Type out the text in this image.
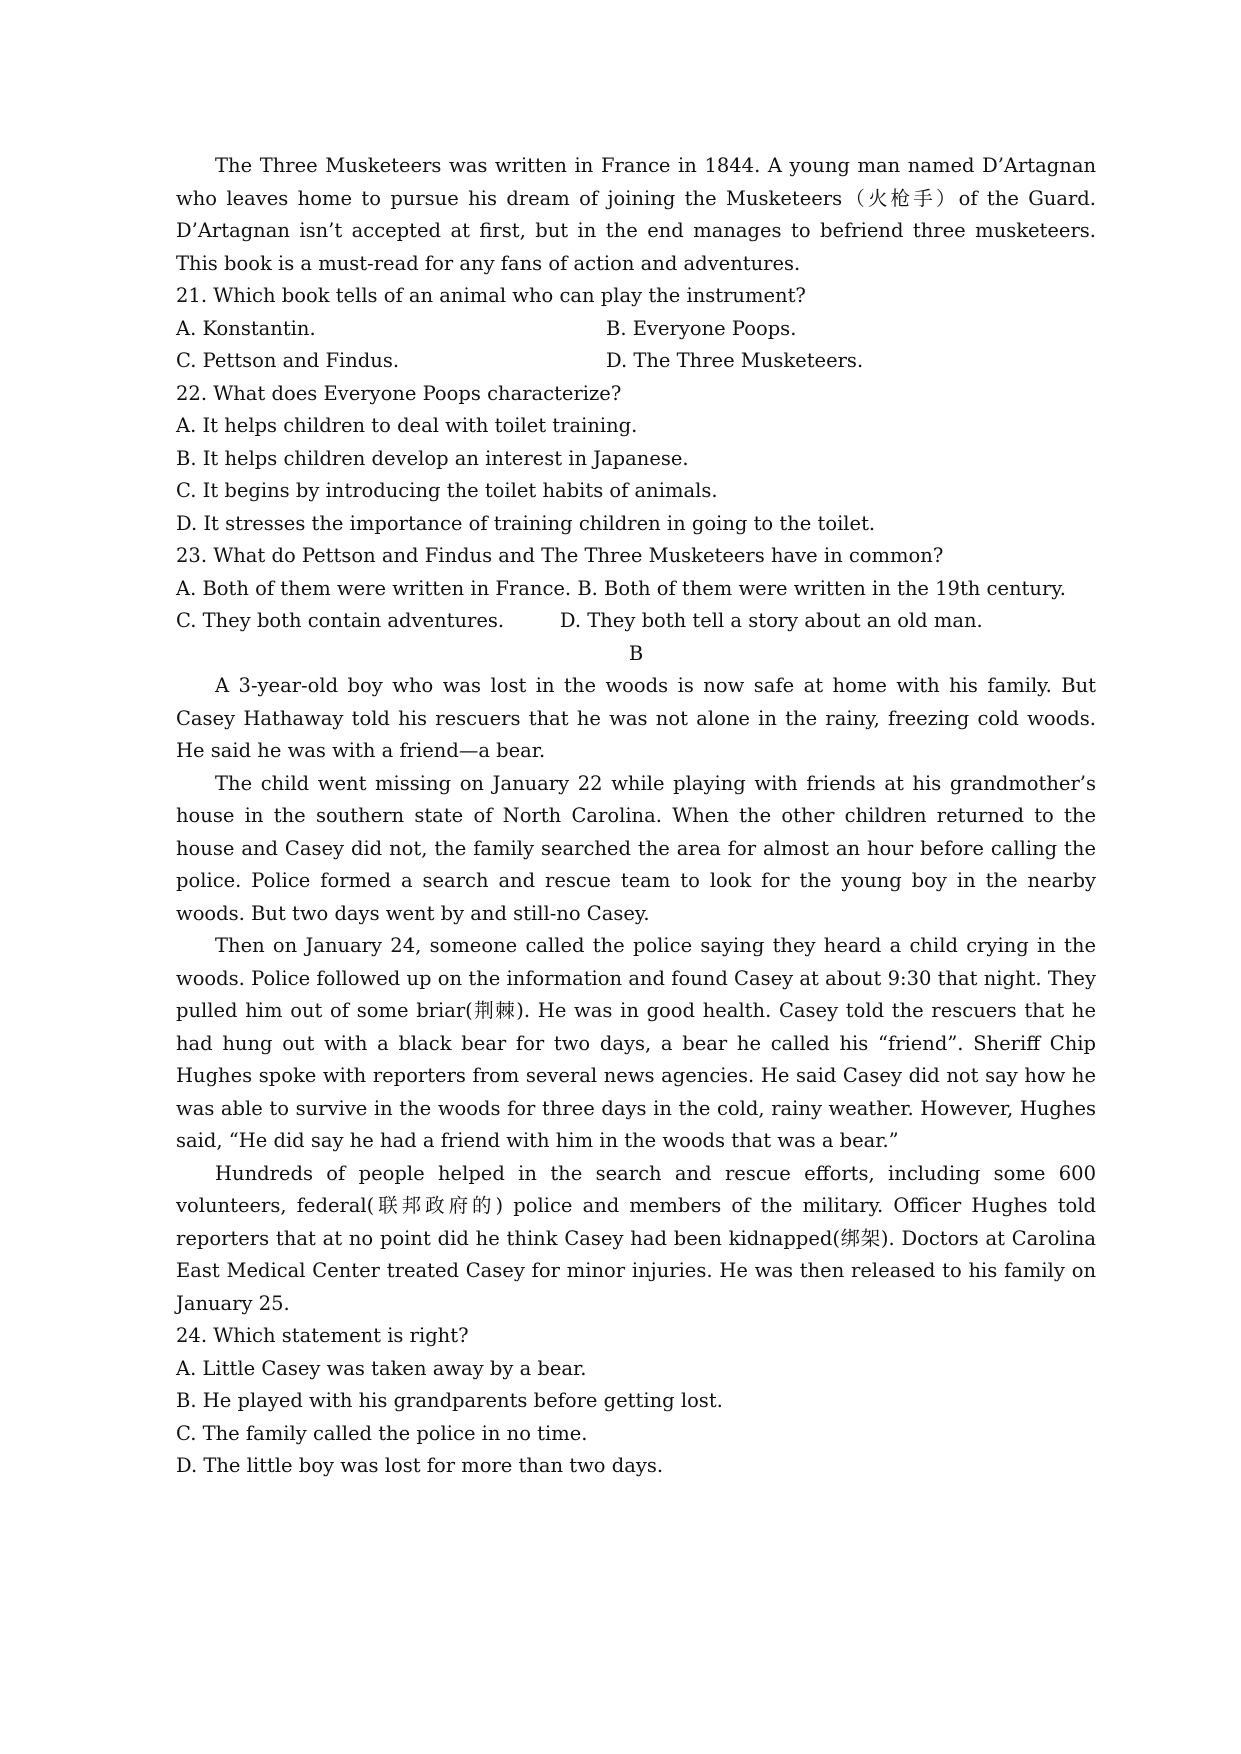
The Three Musketeers was written in France in 1844. A young man named D’Artagnan who leaves home to pursue his dream of joining the Musketeers（火枪手）of the Guard. D’Artagnan isn’t accepted at first, but in the end manages to befriend three musketeers. This book is a must-read for any fans of action and adventures.

21. Which book tells of an animal who can play the instrument?

A. Konstantin.	B. Everyone Poops.
C. Pettson and Findus.	D. The Three Musketeers.

22. What does Everyone Poops characterize?

A. It helps children to deal with toilet training.

B. It helps children develop an interest in Japanese.

C. It begins by introducing the toilet habits of animals.

D. It stresses the importance of training children in going to the toilet.

23. What do Pettson and Findus and The Three Musketeers have in common?

A. Both of them were written in France. B. Both of them were written in the 19th century.

C. They both contain adventures.         D. They both tell a story about an old man.

B

A 3-year-old boy who was lost in the woods is now safe at home with his family. But Casey Hathaway told his rescuers that he was not alone in the rainy, freezing cold woods. He said he was with a friend—a bear.

The child went missing on January 22 while playing with friends at his grandmother’s house in the southern state of North Carolina. When the other children returned to the house and Casey did not, the family searched the area for almost an hour before calling the police. Police formed a search and rescue team to look for the young boy in the nearby woods. But two days went by and still-no Casey.

Then on January 24, someone called the police saying they heard a child crying in the woods. Police followed up on the information and found Casey at about 9:30 that night. They pulled him out of some briar(荆棘). He was in good health. Casey told the rescuers that he had hung out with a black bear for two days, a bear he called his “friend”. Sheriff Chip Hughes spoke with reporters from several news agencies. He said Casey did not say how he was able to survive in the woods for three days in the cold, rainy weather. However, Hughes said, “He did say he had a friend with him in the woods that was a bear.”

Hundreds of people helped in the search and rescue efforts, including some 600 volunteers, federal(联邦政府的) police and members of the military. Officer Hughes told reporters that at no point did he think Casey had been kidnapped(绑架). Doctors at Carolina East Medical Center treated Casey for minor injuries. He was then released to his family on January 25.

24. Which statement is right?

A. Little Casey was taken away by a bear.

B. He played with his grandparents before getting lost.

C. The family called the police in no time.

D. The little boy was lost for more than two days.
